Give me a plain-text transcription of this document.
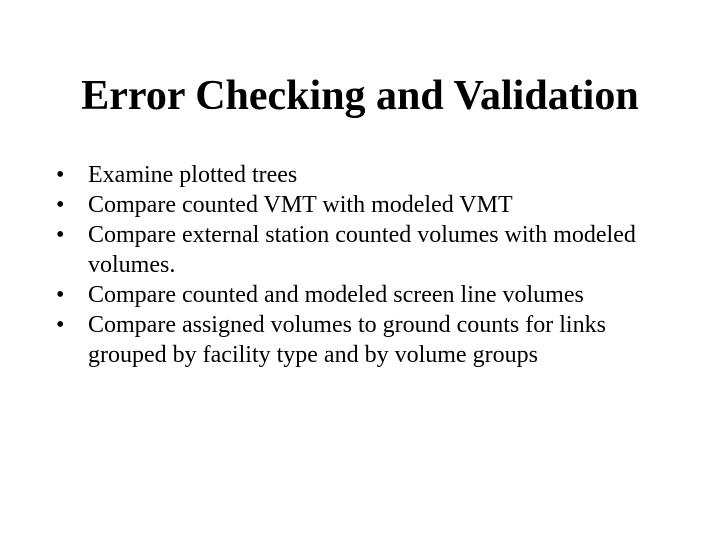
Error Checking and Validation
• Examine plotted trees
• Compare counted VMT with modeled VMT
• Compare external station counted volumes with modeled volumes.
• Compare counted and modeled screen line volumes
• Compare assigned volumes to ground counts for links grouped by facility type and by volume groups
